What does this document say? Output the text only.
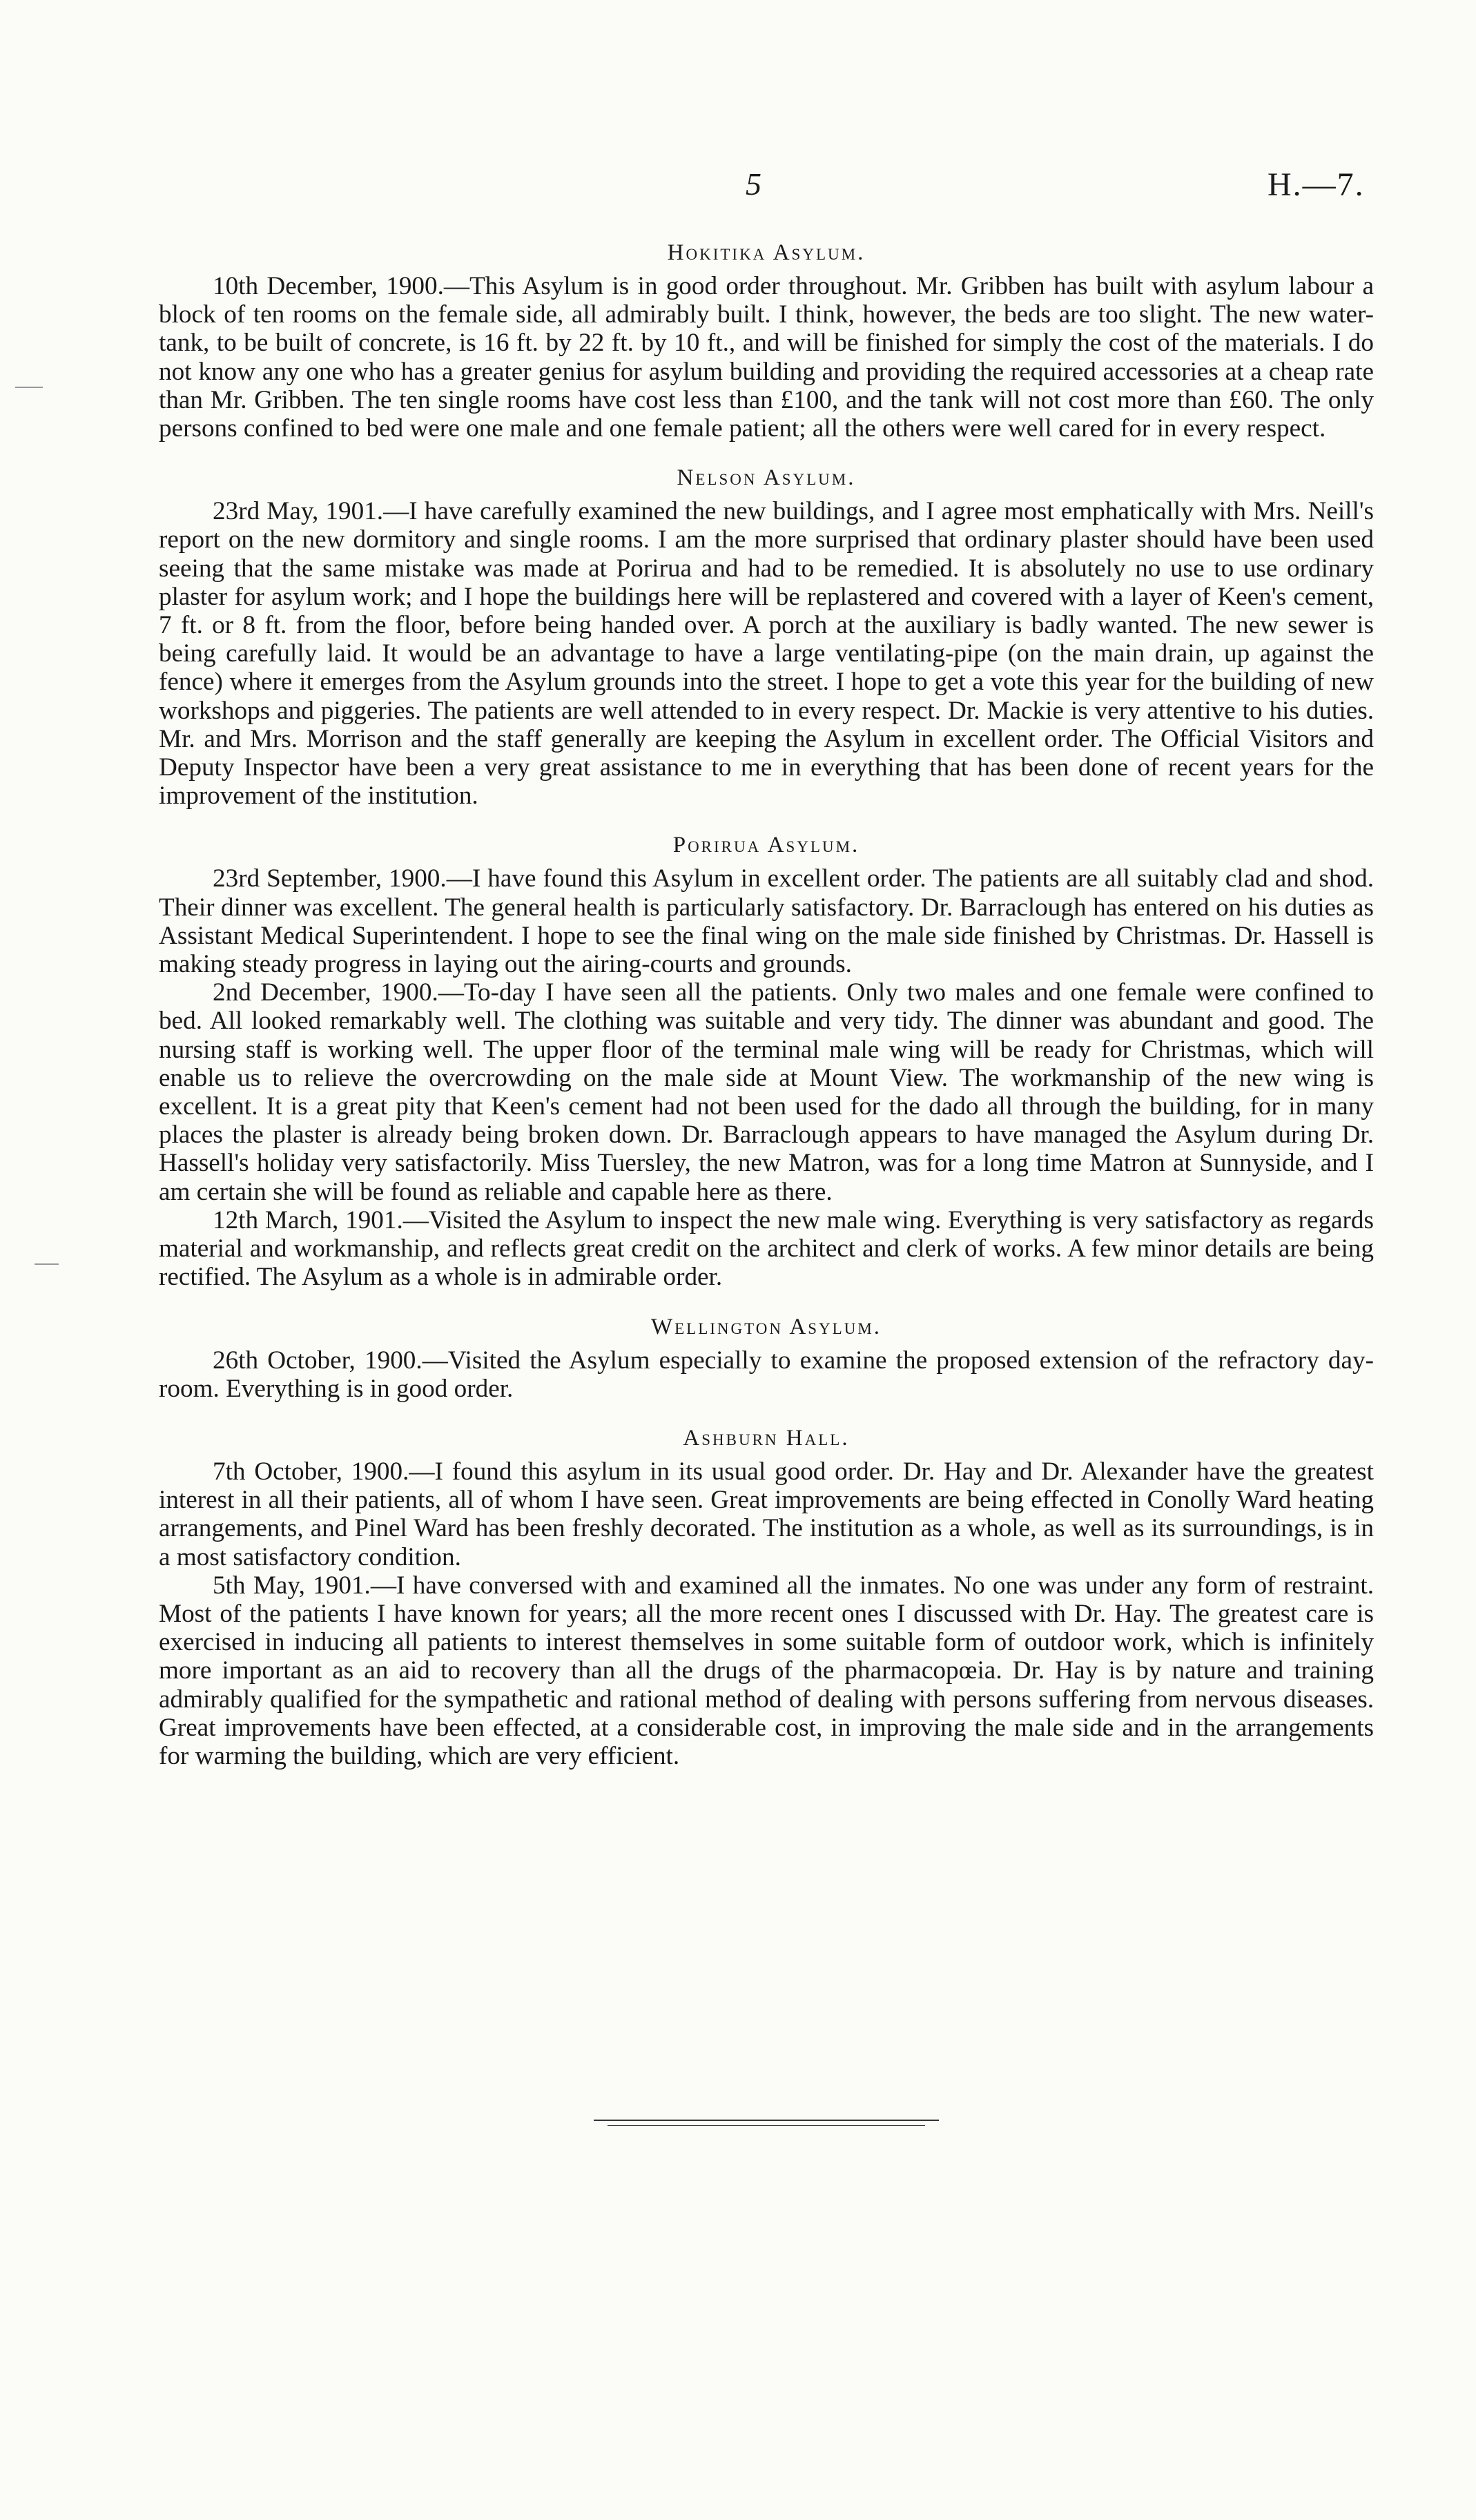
5	H.—7.
Hokitika Asylum.

10th December, 1900.—This Asylum is in good order throughout. Mr. Gribben has built with asylum labour a block of ten rooms on the female side, all admirably built. I think, however, the beds are too slight. The new water-tank, to be built of concrete, is 16 ft. by 22 ft. by 10 ft., and will be finished for simply the cost of the materials. I do not know any one who has a greater genius for asylum building and providing the required accessories at a cheap rate than Mr. Gribben. The ten single rooms have cost less than £100, and the tank will not cost more than £60. The only persons confined to bed were one male and one female patient; all the others were well cared for in every respect.

Nelson Asylum.

23rd May, 1901.—I have carefully examined the new buildings, and I agree most emphatically with Mrs. Neill's report on the new dormitory and single rooms. I am the more surprised that ordinary plaster should have been used seeing that the same mistake was made at Porirua and had to be remedied. It is absolutely no use to use ordinary plaster for asylum work; and I hope the buildings here will be replastered and covered with a layer of Keen's cement, 7 ft. or 8 ft. from the floor, before being handed over. A porch at the auxiliary is badly wanted. The new sewer is being carefully laid. It would be an advantage to have a large ventilating-pipe (on the main drain, up against the fence) where it emerges from the Asylum grounds into the street. I hope to get a vote this year for the building of new workshops and piggeries. The patients are well attended to in every respect. Dr. Mackie is very attentive to his duties. Mr. and Mrs. Morrison and the staff generally are keeping the Asylum in excellent order. The Official Visitors and Deputy Inspector have been a very great assistance to me in everything that has been done of recent years for the improvement of the institution.

Porirua Asylum.

23rd September, 1900.—I have found this Asylum in excellent order. The patients are all suitably clad and shod. Their dinner was excellent. The general health is particularly satisfactory. Dr. Barraclough has entered on his duties as Assistant Medical Superintendent. I hope to see the final wing on the male side finished by Christmas. Dr. Hassell is making steady progress in laying out the airing-courts and grounds.

2nd December, 1900.—To-day I have seen all the patients. Only two males and one female were confined to bed. All looked remarkably well. The clothing was suitable and very tidy. The dinner was abundant and good. The nursing staff is working well. The upper floor of the terminal male wing will be ready for Christmas, which will enable us to relieve the overcrowding on the male side at Mount View. The workmanship of the new wing is excellent. It is a great pity that Keen's cement had not been used for the dado all through the building, for in many places the plaster is already being broken down. Dr. Barraclough appears to have managed the Asylum during Dr. Hassell's holiday very satisfactorily. Miss Tuersley, the new Matron, was for a long time Matron at Sunnyside, and I am certain she will be found as reliable and capable here as there.

12th March, 1901.—Visited the Asylum to inspect the new male wing. Everything is very satisfactory as regards material and workmanship, and reflects great credit on the architect and clerk of works. A few minor details are being rectified. The Asylum as a whole is in admirable order.

Wellington Asylum.

26th October, 1900.—Visited the Asylum especially to examine the proposed extension of the refractory day-room. Everything is in good order.

Ashburn Hall.

7th October, 1900.—I found this asylum in its usual good order. Dr. Hay and Dr. Alexander have the greatest interest in all their patients, all of whom I have seen. Great improvements are being effected in Conolly Ward heating arrangements, and Pinel Ward has been freshly decorated. The institution as a whole, as well as its surroundings, is in a most satisfactory condition.

5th May, 1901.—I have conversed with and examined all the inmates. No one was under any form of restraint. Most of the patients I have known for years; all the more recent ones I discussed with Dr. Hay. The greatest care is exercised in inducing all patients to interest themselves in some suitable form of outdoor work, which is infinitely more important as an aid to recovery than all the drugs of the pharmacopœia. Dr. Hay is by nature and training admirably qualified for the sympathetic and rational method of dealing with persons suffering from nervous diseases. Great improvements have been effected, at a considerable cost, in improving the male side and in the arrangements for warming the building, which are very efficient.
